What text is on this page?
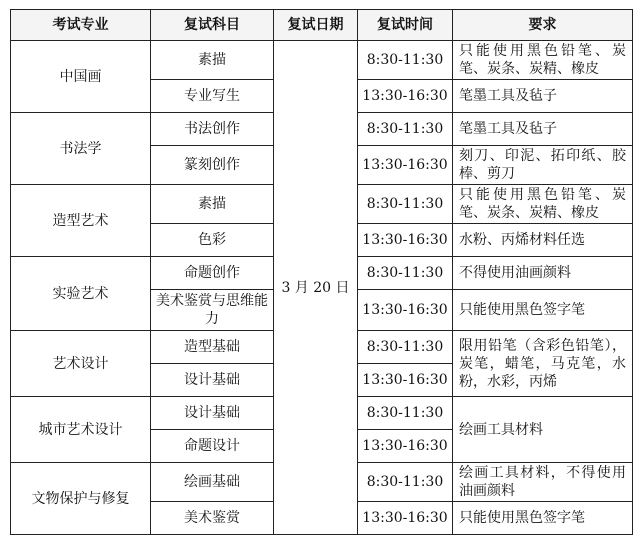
考试专业	复试科目	复试日期	复试时间	要求
中国画	素描	3 月 20 日	8:30-11:30	只能使用黑色铅笔、炭笔、炭条、炭精、橡皮
	专业写生		13:30-16:30	笔墨工具及毡子
书法学	书法创作		8:30-11:30	笔墨工具及毡子
	篆刻创作		13:30-16:30	刻刀、印泥、拓印纸、胶棒、剪刀
造型艺术	素描		8:30-11:30	只能使用黑色铅笔、炭笔、炭条、炭精、橡皮
	色彩		13:30-16:30	水粉、丙烯材料任选
实验艺术	命题创作		8:30-11:30	不得使用油画颜料
	美术鉴赏与思维能力		13:30-16:30	只能使用黑色签字笔
艺术设计	造型基础		8:30-11:30	限用铅笔（含彩色铅笔），炭笔，蜡笔，马克笔，水粉，水彩，丙烯
	设计基础		13:30-16:30	
城市艺术设计	设计基础		8:30-11:30	绘画工具材料
	命题设计		13:30-16:30	
文物保护与修复	绘画基础		8:30-11:30	绘画工具材料，不得使用油画颜料
	美术鉴赏		13:30-16:30	只能使用黑色签字笔
